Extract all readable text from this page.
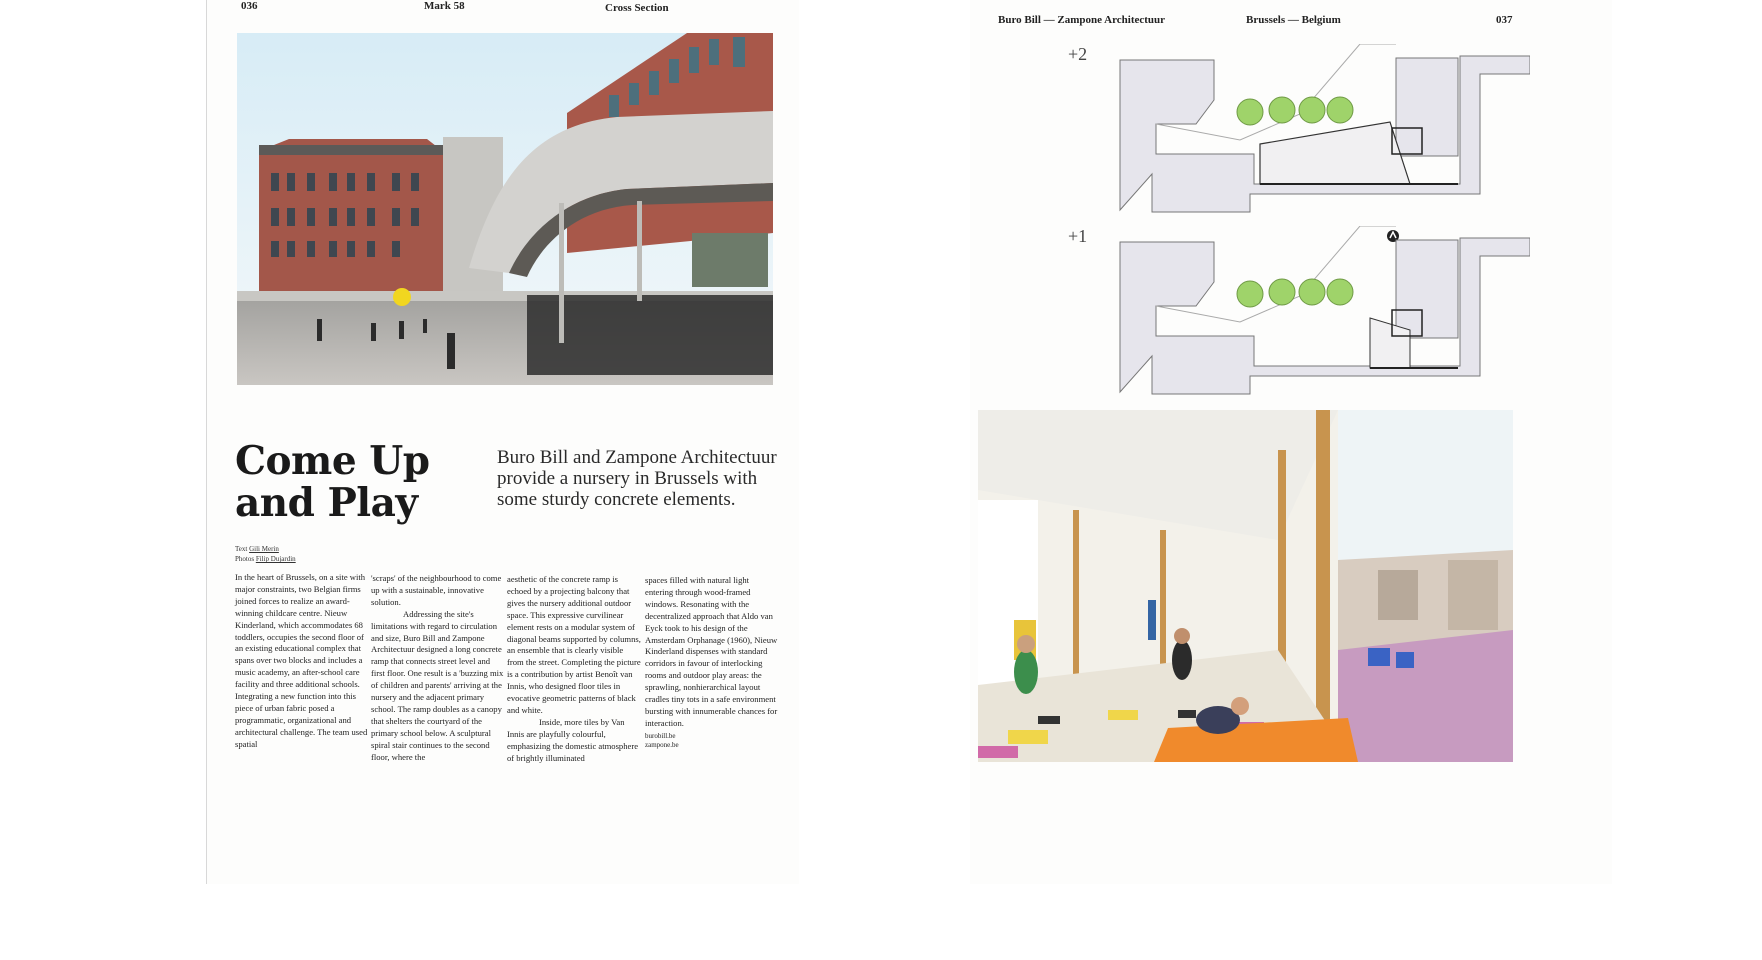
036	Mark 58	Cross Section
Come Up
and Play
Buro Bill and Zampone Architectuur provide a nursery in Brussels with some sturdy concrete elements.
Text Gili Merin
Photos Filip Dujardin

In the heart of Brussels, on a site with major constraints, two Belgian firms joined forces to realize an award-winning childcare centre. Nieuw Kinderland, which accommodates 68 toddlers, occupies the second floor of an existing educational complex that spans over two blocks and includes a music academy, an after-school care facility and three additional schools. Integrating a new function into this piece of urban fabric posed a programmatic, organizational and architectural challenge. The team used spatial

'scraps' of the neighbourhood to come up with a sustainable, innovative solution.

Addressing the site's limitations with regard to circulation and size, Buro Bill and Zampone Architectuur designed a long concrete ramp that connects street level and first floor. One result is a 'buzzing mix of children and parents' arriving at the nursery and the adjacent primary school. The ramp doubles as a canopy that shelters the courtyard of the primary school below. A sculptural spiral stair continues to the second floor, where the

aesthetic of the concrete ramp is echoed by a projecting balcony that gives the nursery additional outdoor space. This expressive curvilinear element rests on a modular system of diagonal beams supported by columns, an ensemble that is clearly visible from the street. Completing the picture is a contribution by artist Benoît van Innis, who designed floor tiles in evocative geometric patterns of black and white.

Inside, more tiles by Van Innis are playfully colourful, emphasizing the domestic atmosphere of brightly illuminated

spaces filled with natural light entering through wood-framed windows. Resonating with the decentralized approach that Aldo van Eyck took to his design of the Amsterdam Orphanage (1960), Nieuw Kinderland dispenses with standard corridors in favour of interlocking rooms and outdoor play areas: the sprawling, nonhierarchical layout cradles tiny tots in a safe environment bursting with innumerable chances for interaction.

burobill.be
zampone.be

Buro Bill — Zampone Architectuur	Brussels — Belgium	037
+2
+1
